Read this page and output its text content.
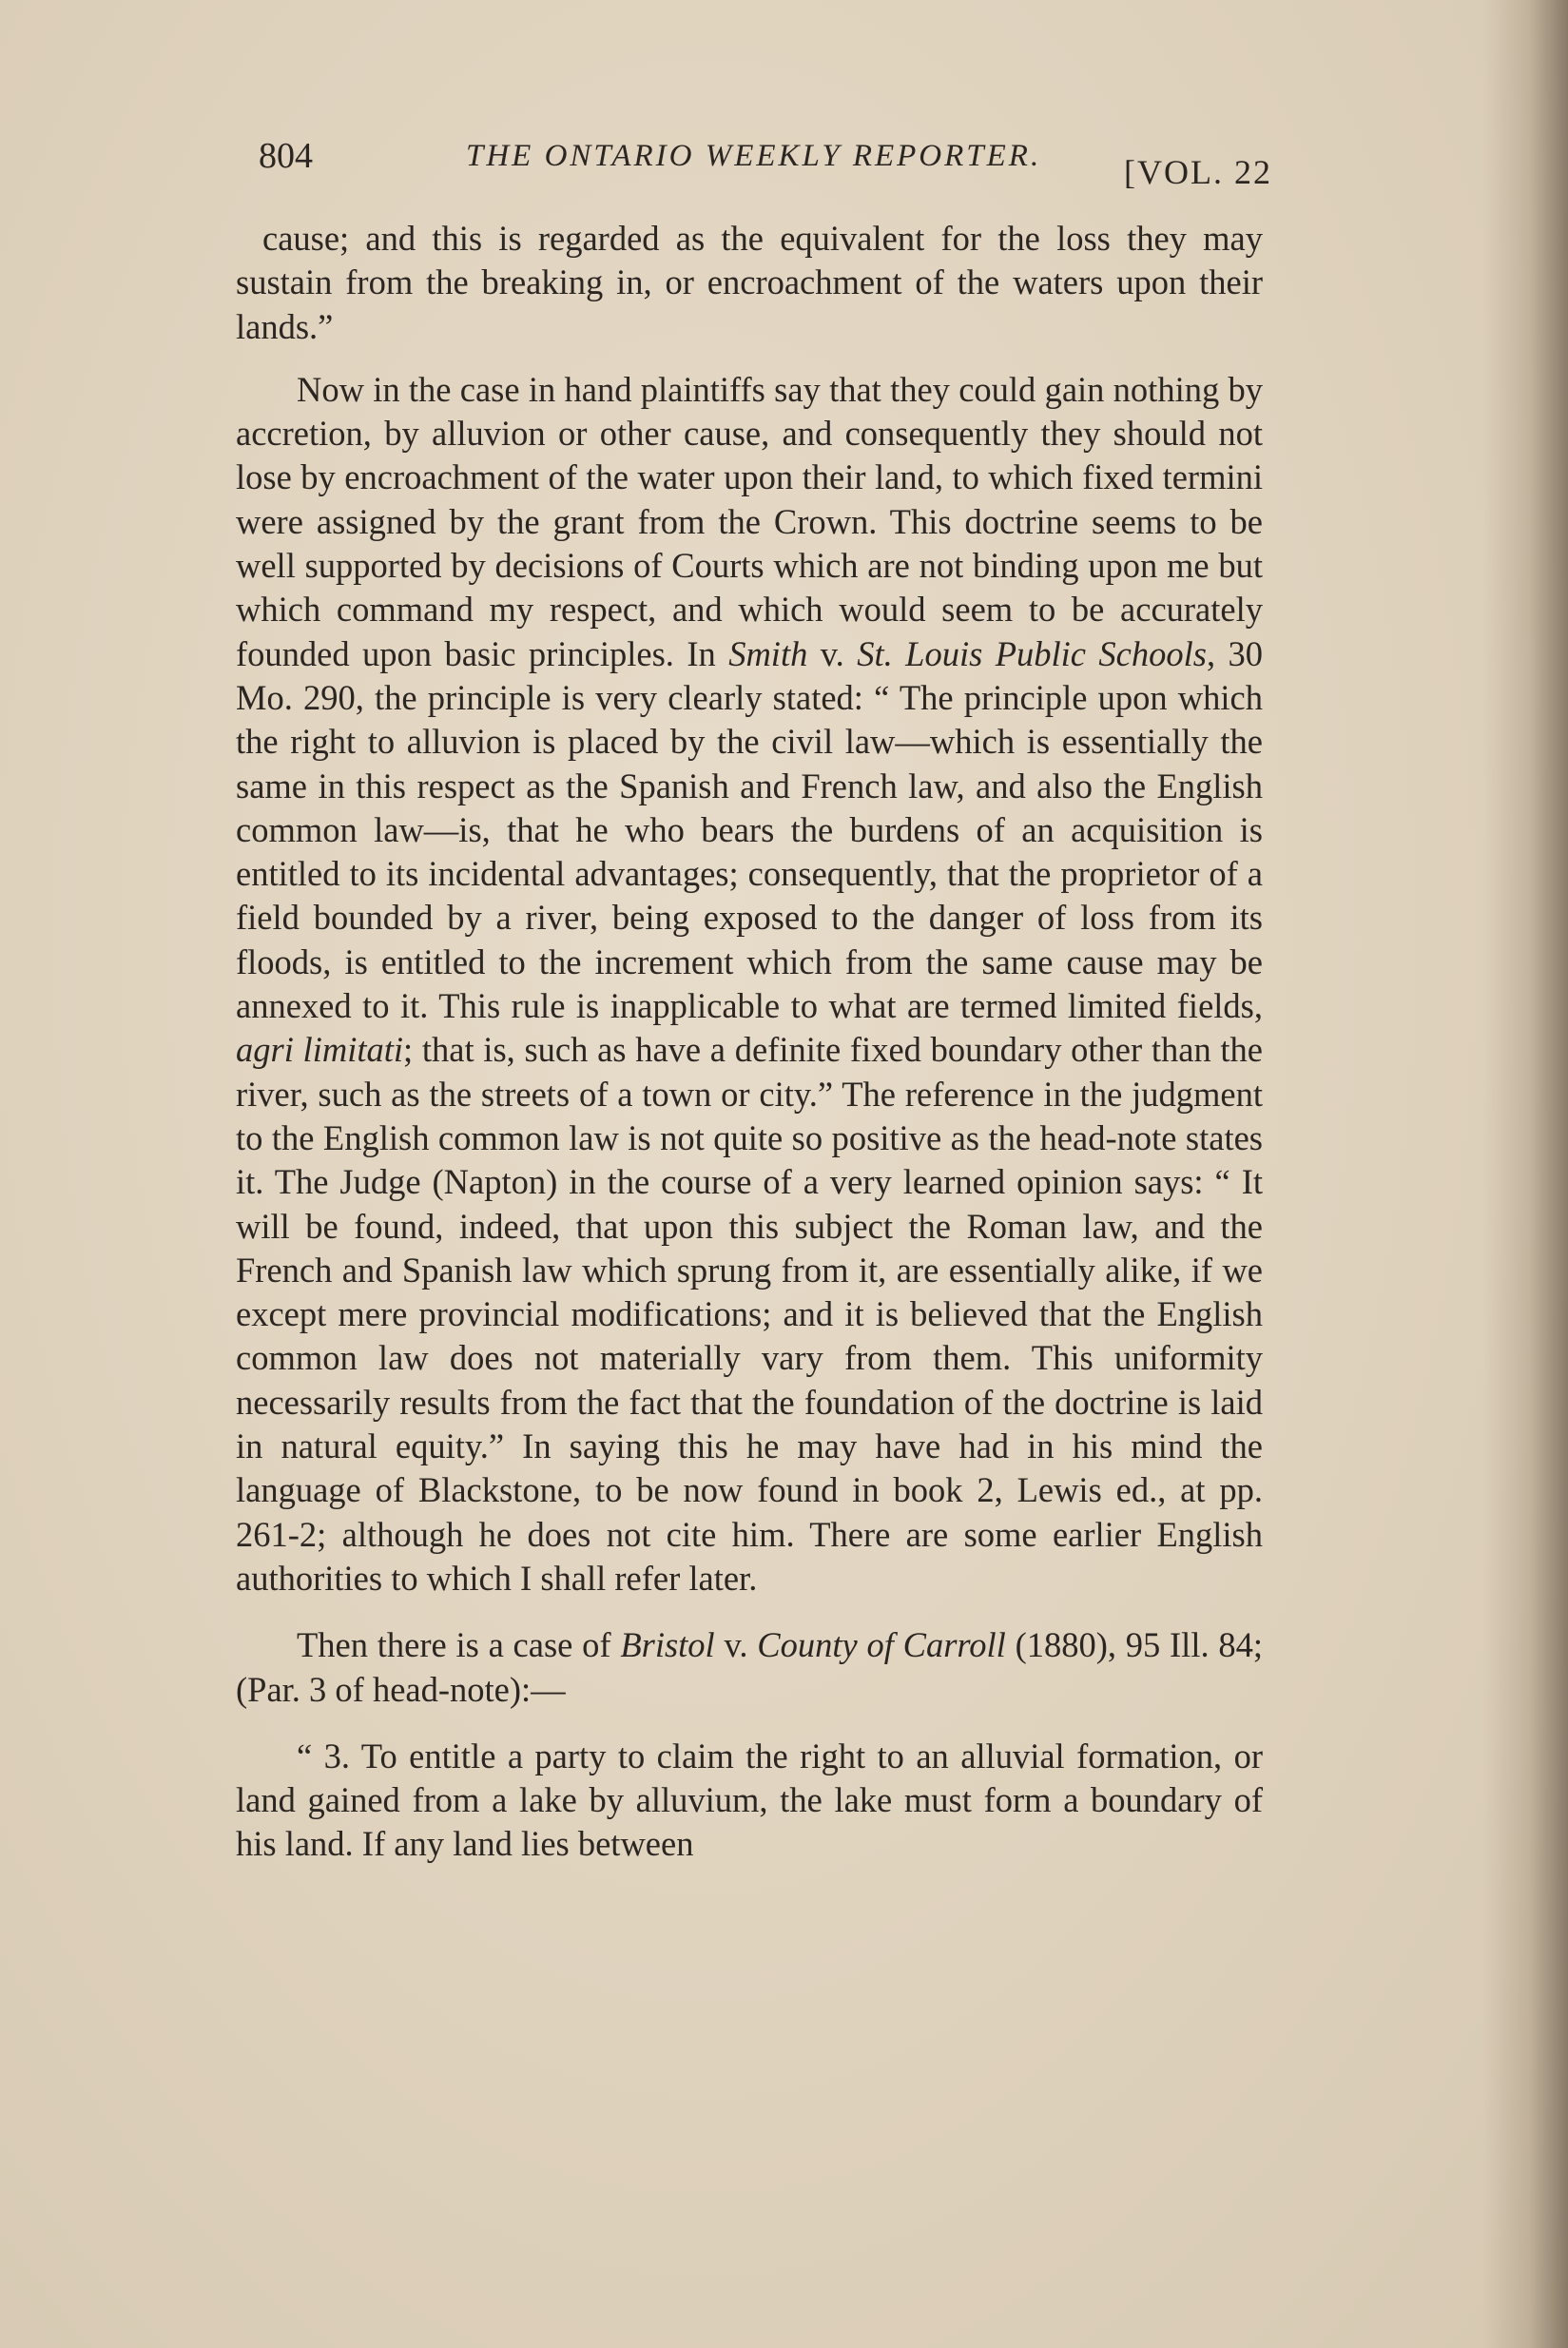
804	THE ONTARIO WEEKLY REPORTER. [VOL. 22

cause; and this is regarded as the equivalent for the loss they may sustain from the breaking in, or encroachment of the waters upon their lands.”

Now in the case in hand plaintiffs say that they could gain nothing by accretion, by alluvion or other cause, and consequently they should not lose by encroachment of the water upon their land, to which fixed termini were assigned by the grant from the Crown. This doctrine seems to be well supported by decisions of Courts which are not binding upon me but which command my respect, and which would seem to be accurately founded upon basic principles. In Smith v. St. Louis Public Schools, 30 Mo. 290, the principle is very clearly stated: “ The principle upon which the right to alluvion is placed by the civil law—which is essentially the same in this respect as the Spanish and French law, and also the English common law—is, that he who bears the burdens of an acquisition is entitled to its incidental advantages; consequently, that the proprietor of a field bounded by a river, being exposed to the danger of loss from its floods, is entitled to the increment which from the same cause may be annexed to it. This rule is inapplicable to what are termed limited fields, agri limitati; that is, such as have a definite fixed boundary other than the river, such as the streets of a town or city.” The reference in the judgment to the English common law is not quite so positive as the head-note states it. The Judge (Napton) in the course of a very learned opinion says: “ It will be found, indeed, that upon this subject the Roman law, and the French and Spanish law which sprung from it, are essentially alike, if we except mere provincial modifications; and it is believed that the English common law does not materially vary from them. This uniformity necessarily results from the fact that the foundation of the doctrine is laid in natural equity.” In saying this he may have had in his mind the language of Blackstone, to be now found in book 2, Lewis ed., at pp. 261-2; although he does not cite him. There are some earlier English authorities to which I shall refer later.

Then there is a case of Bristol v. County of Carroll (1880), 95 Ill. 84; (Par. 3 of head-note):—

“ 3. To entitle a party to claim the right to an alluvial formation, or land gained from a lake by alluvium, the lake must form a boundary of his land. If any land lies between
